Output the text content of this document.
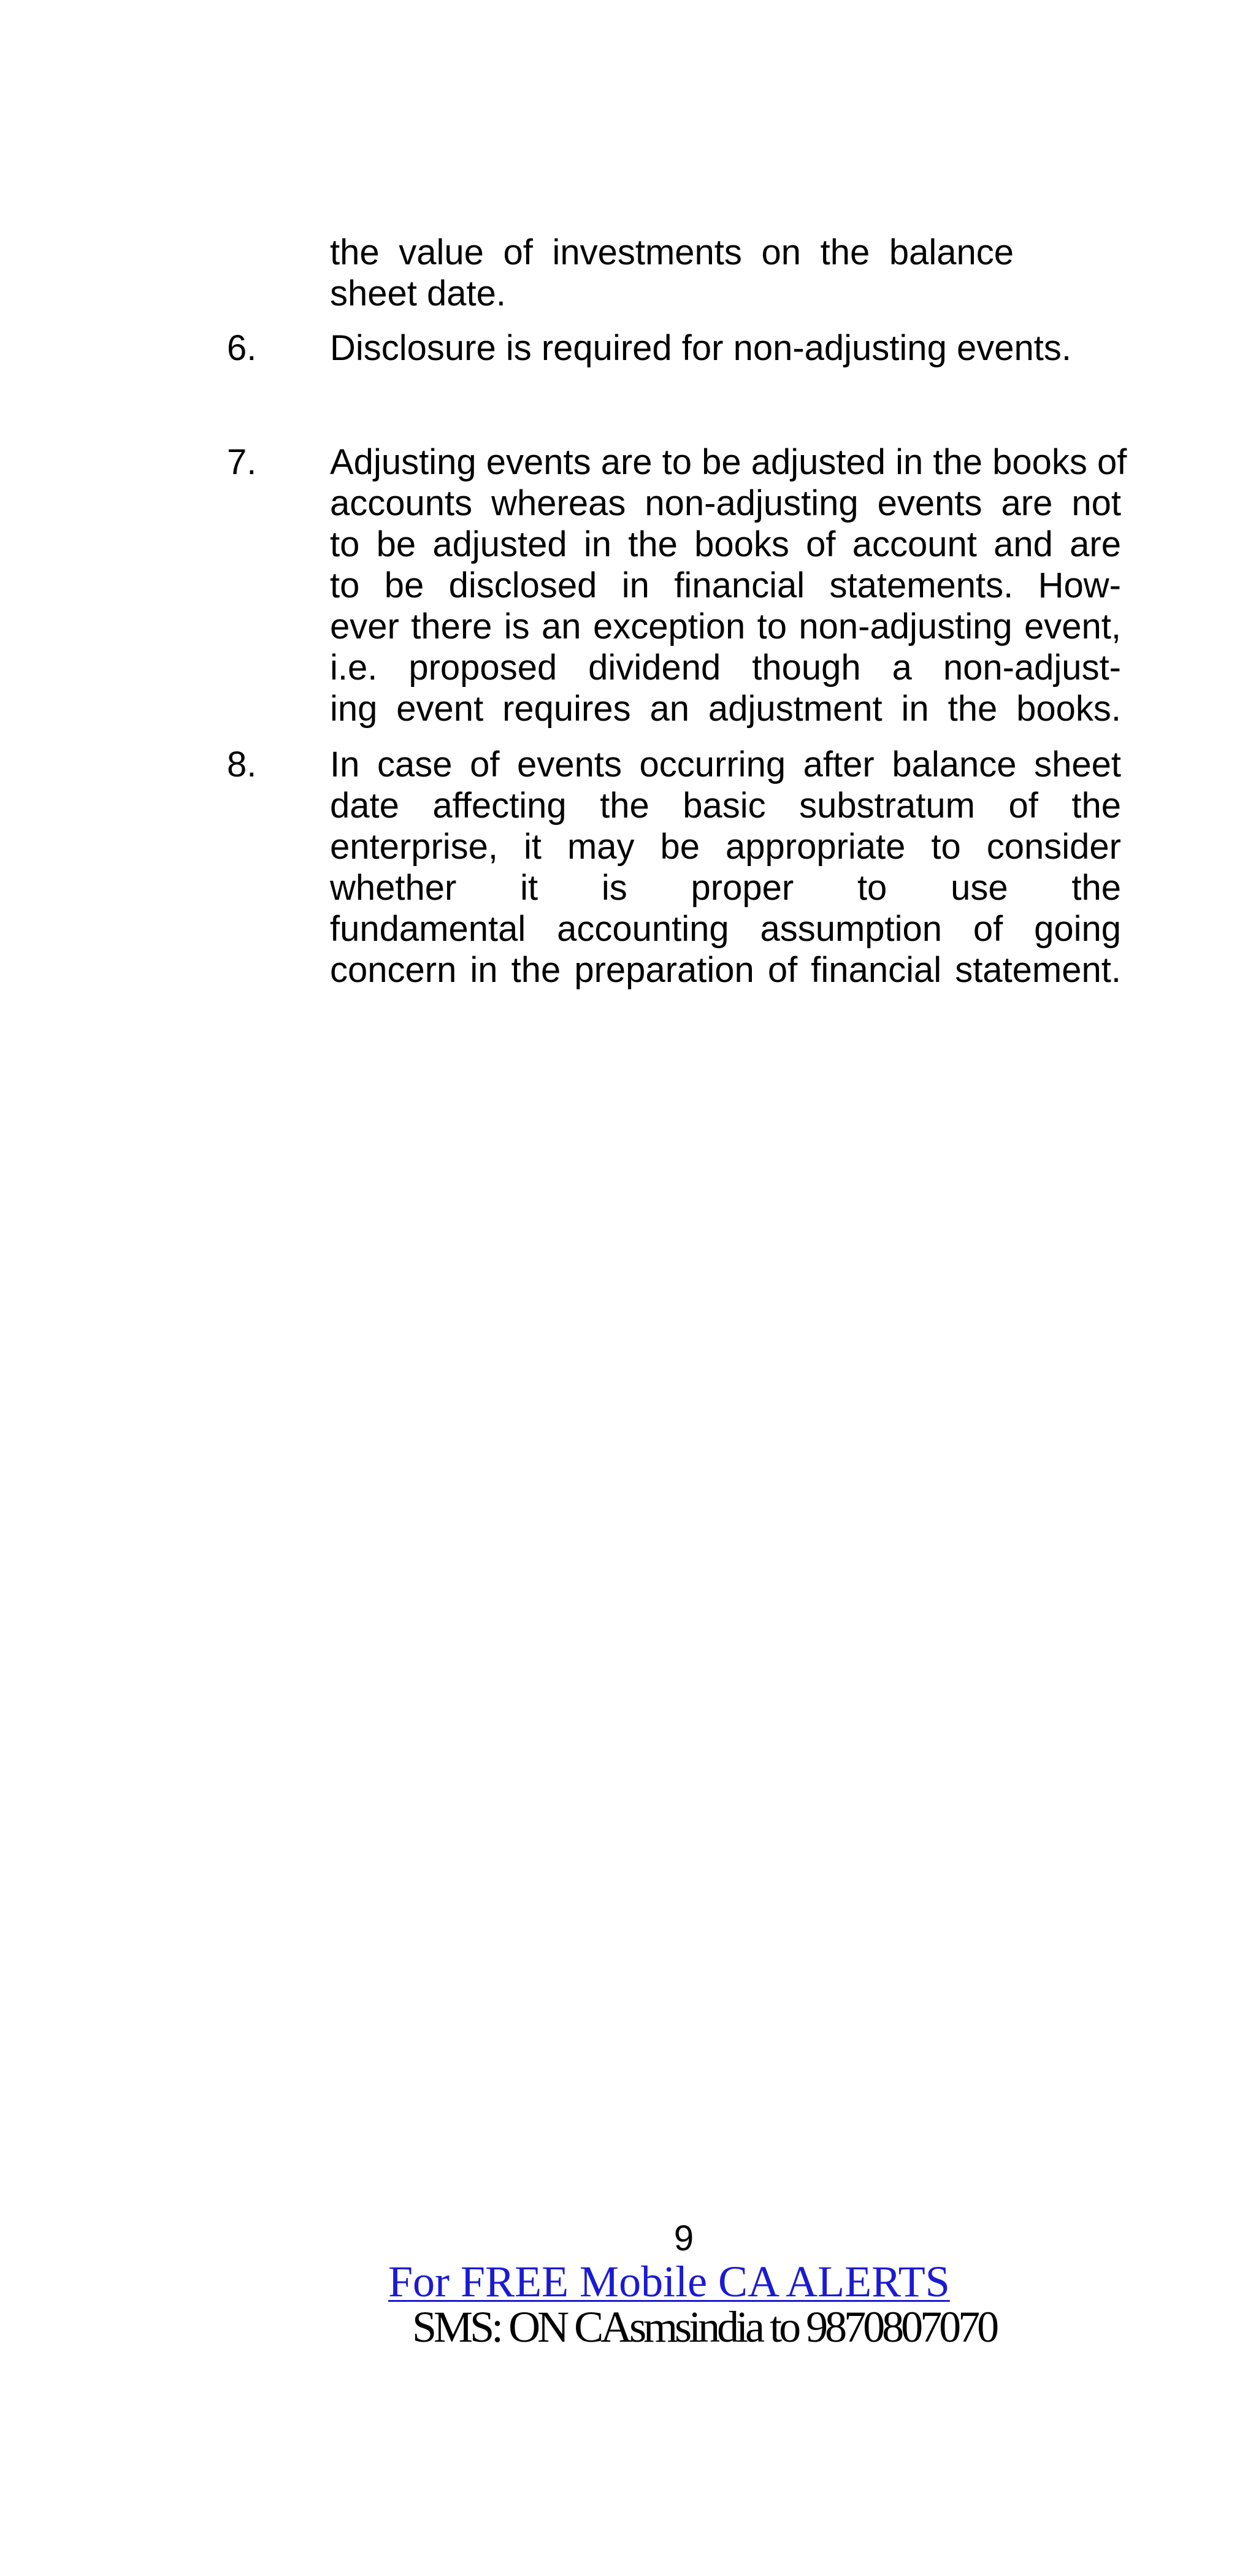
the value of investments on the balance
sheet date.
6. Disclosure is required for non-adjusting events.
7. Adjusting events are to be adjusted in the books of
accounts whereas non-adjusting events are not
to be adjusted in the books of account and are
to be disclosed in financial statements. How-
ever there is an exception to non-adjusting event,
i.e. proposed dividend though a non-adjust-
ing event requires an adjustment in the books.
8. In case of events occurring after balance sheet
date affecting the basic substratum of the
enterprise, it may be appropriate to consider
whether it is proper to use the
fundamental accounting assumption of going
concern in the preparation of financial statement.
9
For FREE Mobile CA ALERTS
SMS: ON CAsmsindia to 9870807070
